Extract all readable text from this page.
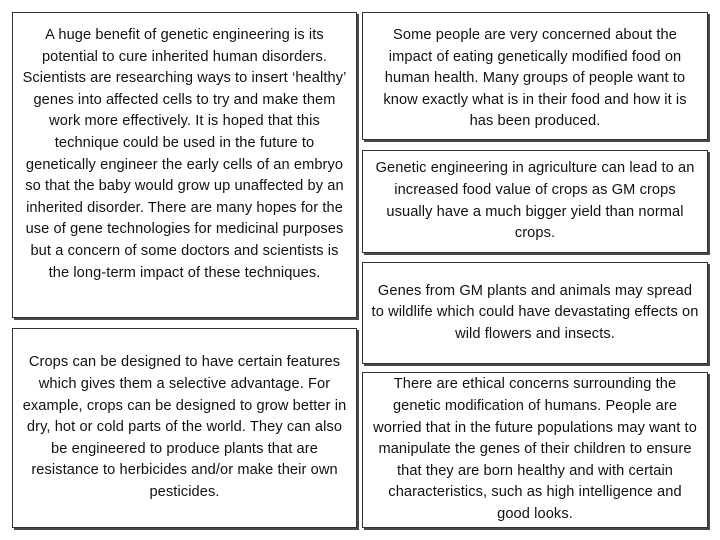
A huge benefit of genetic engineering is its potential to cure inherited human disorders. Scientists are researching ways to insert ‘healthy’ genes into affected cells to try and make them work more effectively. It is hoped that this technique could be used in the future to genetically engineer the early cells of an embryo so that the baby would grow up unaffected by an inherited disorder. There are many hopes for the use of gene technologies for medicinal purposes but a concern of some doctors and scientists is the long-term impact of these techniques.

Crops can be designed to have certain features which gives them a selective advantage. For example, crops can be designed to grow better in dry, hot or cold parts of the world. They can also be engineered to produce plants that are resistance to herbicides and/or make their own pesticides.

Some people are very concerned about the impact of eating genetically modified food on human health. Many groups of people want to know exactly what is in their food and how it is has been produced.

Genetic engineering in agriculture can lead to an increased food value of crops as GM crops usually have a much bigger yield than normal crops.

Genes from GM plants and animals may spread to wildlife which could have devastating effects on wild flowers and insects.

There are ethical concerns surrounding the genetic modification of humans. People are worried that in the future populations may want to manipulate the genes of their children to ensure that they are born healthy and with certain characteristics, such as high intelligence and good looks.
